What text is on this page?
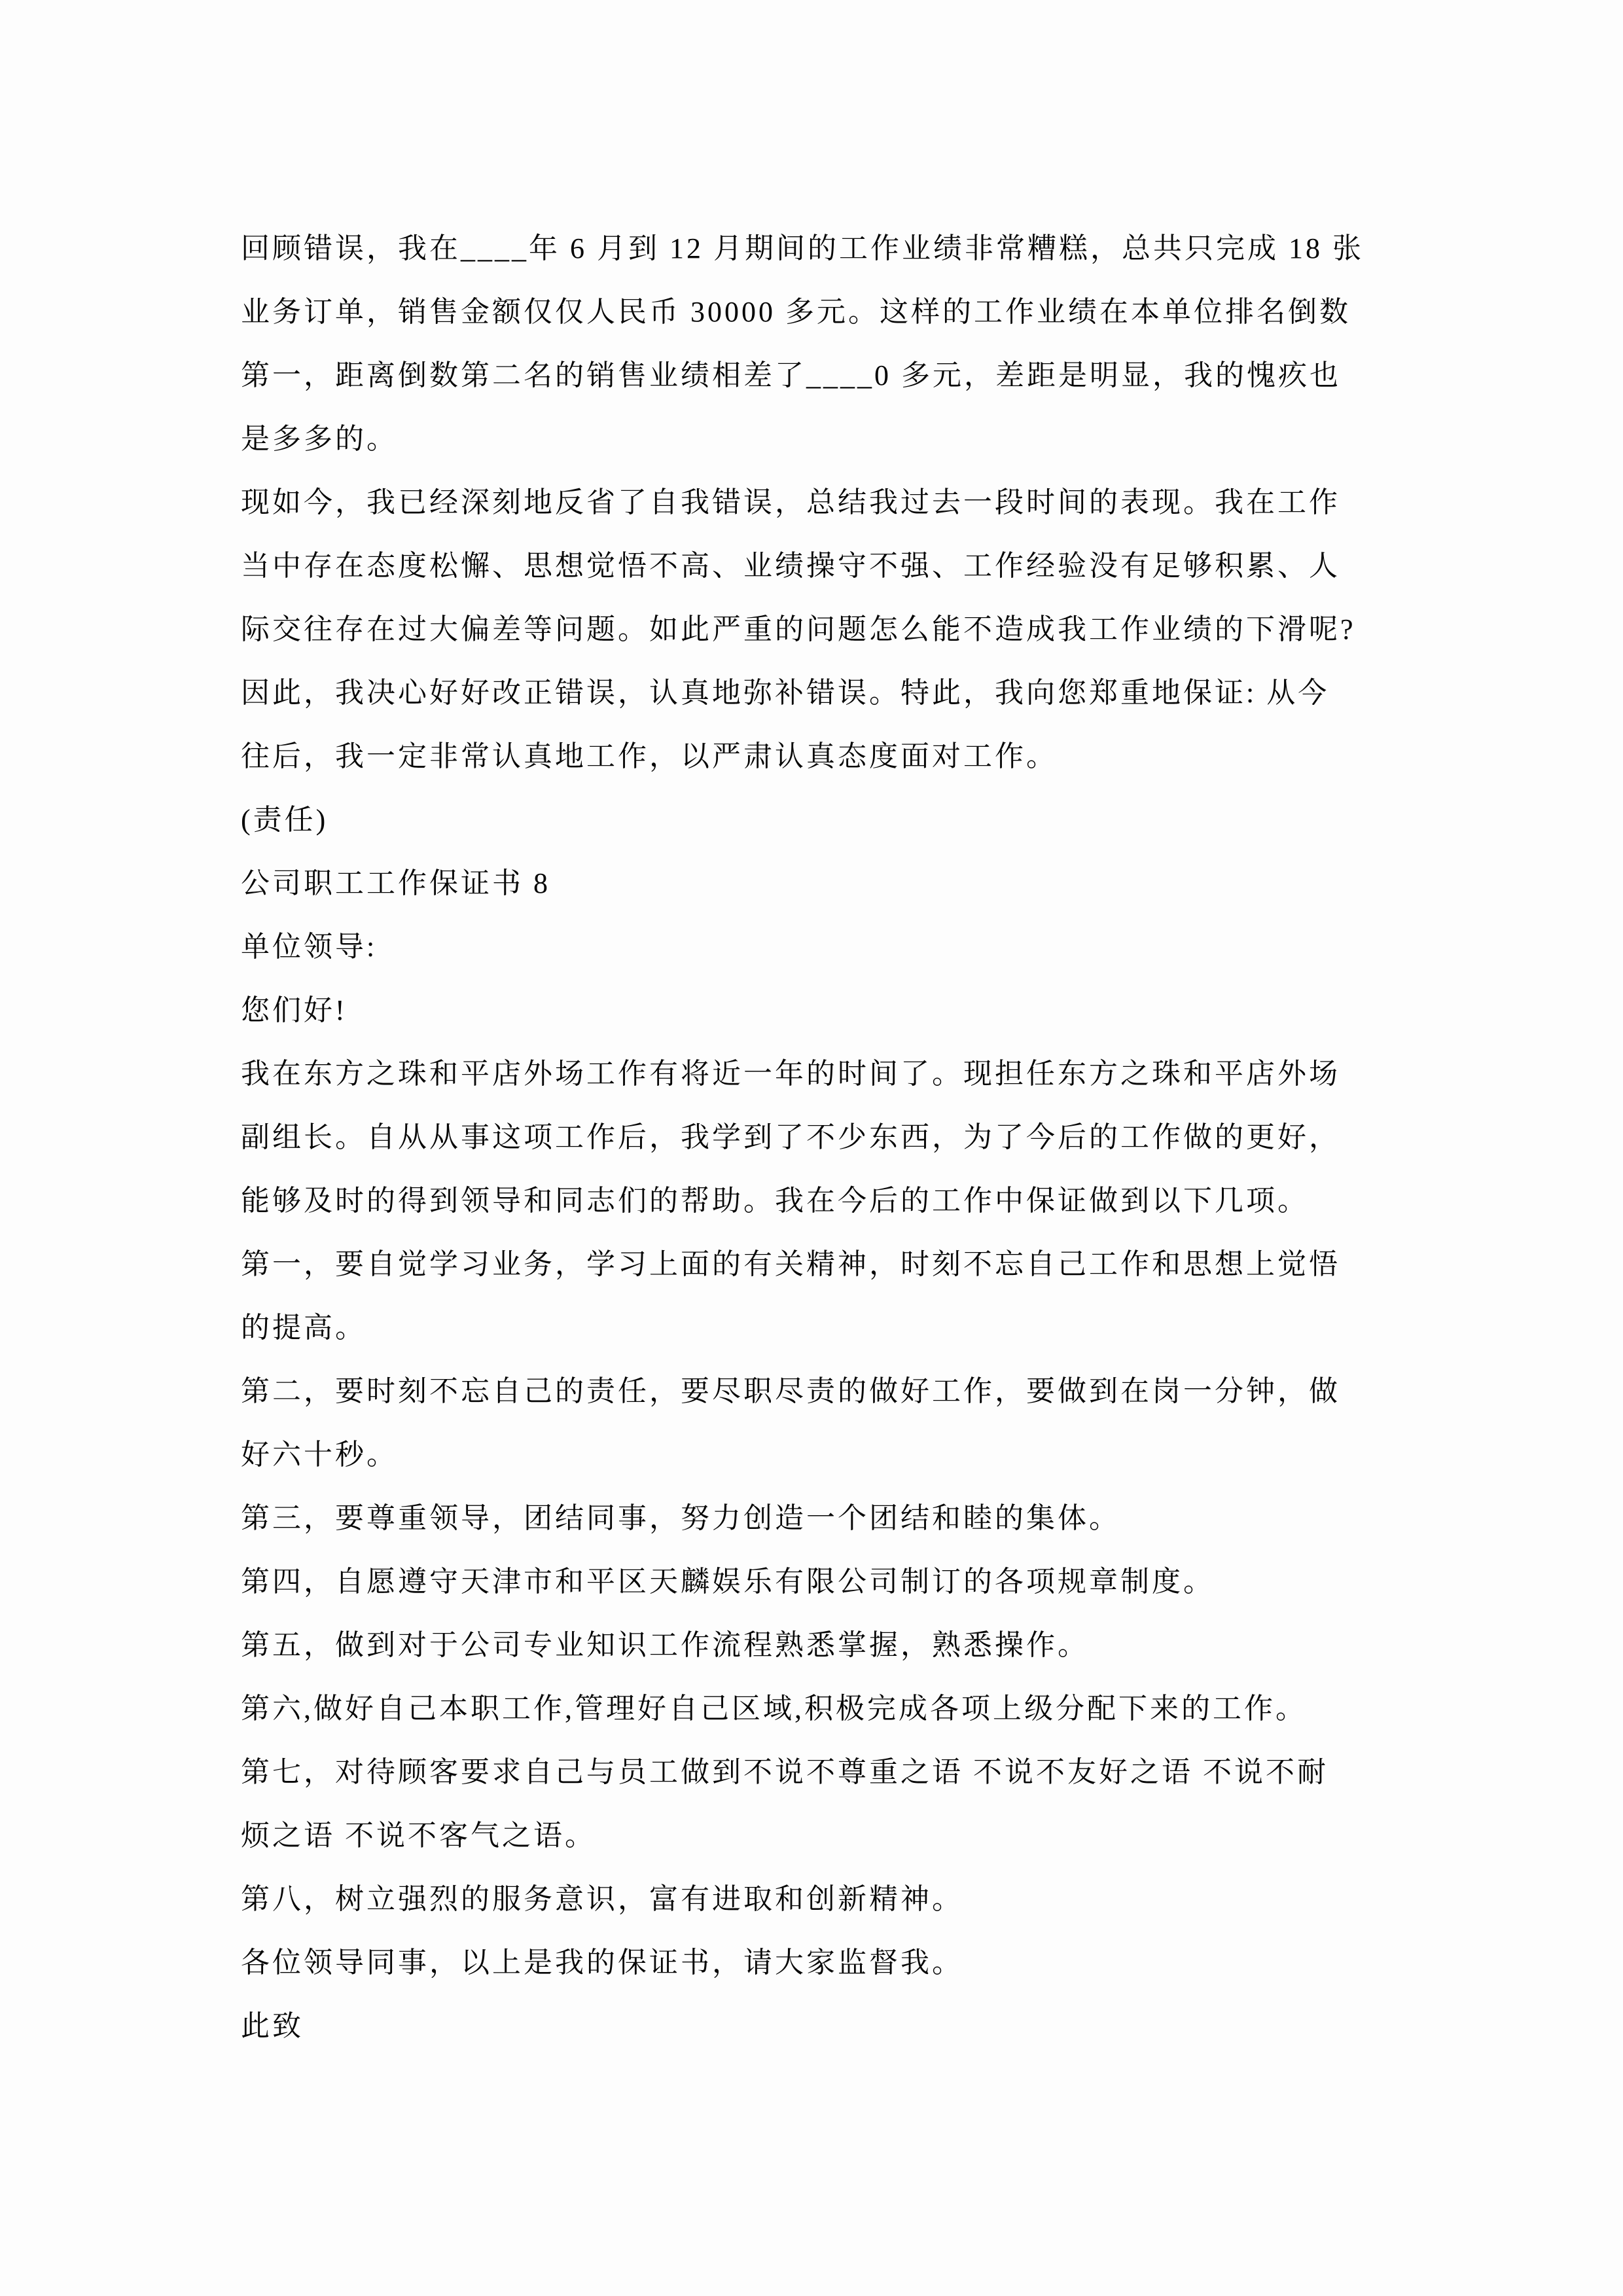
回顾错误，我在____年 6 月到 12 月期间的工作业绩非常糟糕，总共只完成 18 张
业务订单，销售金额仅仅人民币 30000 多元。这样的工作业绩在本单位排名倒数
第一，距离倒数第二名的销售业绩相差了____0 多元，差距是明显，我的愧疚也
是多多的。
现如今，我已经深刻地反省了自我错误，总结我过去一段时间的表现。我在工作
当中存在态度松懈、思想觉悟不高、业绩操守不强、工作经验没有足够积累、人
际交往存在过大偏差等问题。如此严重的问题怎么能不造成我工作业绩的下滑呢?
因此，我决心好好改正错误，认真地弥补错误。特此，我向您郑重地保证: 从今
往后，我一定非常认真地工作，以严肃认真态度面对工作。
(责任)
公司职工工作保证书 8
单位领导:
您们好!
我在东方之珠和平店外场工作有将近一年的时间了。现担任东方之珠和平店外场
副组长。自从从事这项工作后，我学到了不少东西，为了今后的工作做的更好，
能够及时的得到领导和同志们的帮助。我在今后的工作中保证做到以下几项。
第一，要自觉学习业务，学习上面的有关精神，时刻不忘自己工作和思想上觉悟
的提高。
第二，要时刻不忘自己的责任，要尽职尽责的做好工作，要做到在岗一分钟，做
好六十秒。
第三，要尊重领导，团结同事，努力创造一个团结和睦的集体。
第四，自愿遵守天津市和平区天麟娱乐有限公司制订的各项规章制度。
第五，做到对于公司专业知识工作流程熟悉掌握，熟悉操作。
第六,做好自己本职工作,管理好自己区域,积极完成各项上级分配下来的工作。
第七，对待顾客要求自己与员工做到不说不尊重之语 不说不友好之语 不说不耐
烦之语 不说不客气之语。
第八，树立强烈的服务意识，富有进取和创新精神。
各位领导同事，以上是我的保证书，请大家监督我。
此致
